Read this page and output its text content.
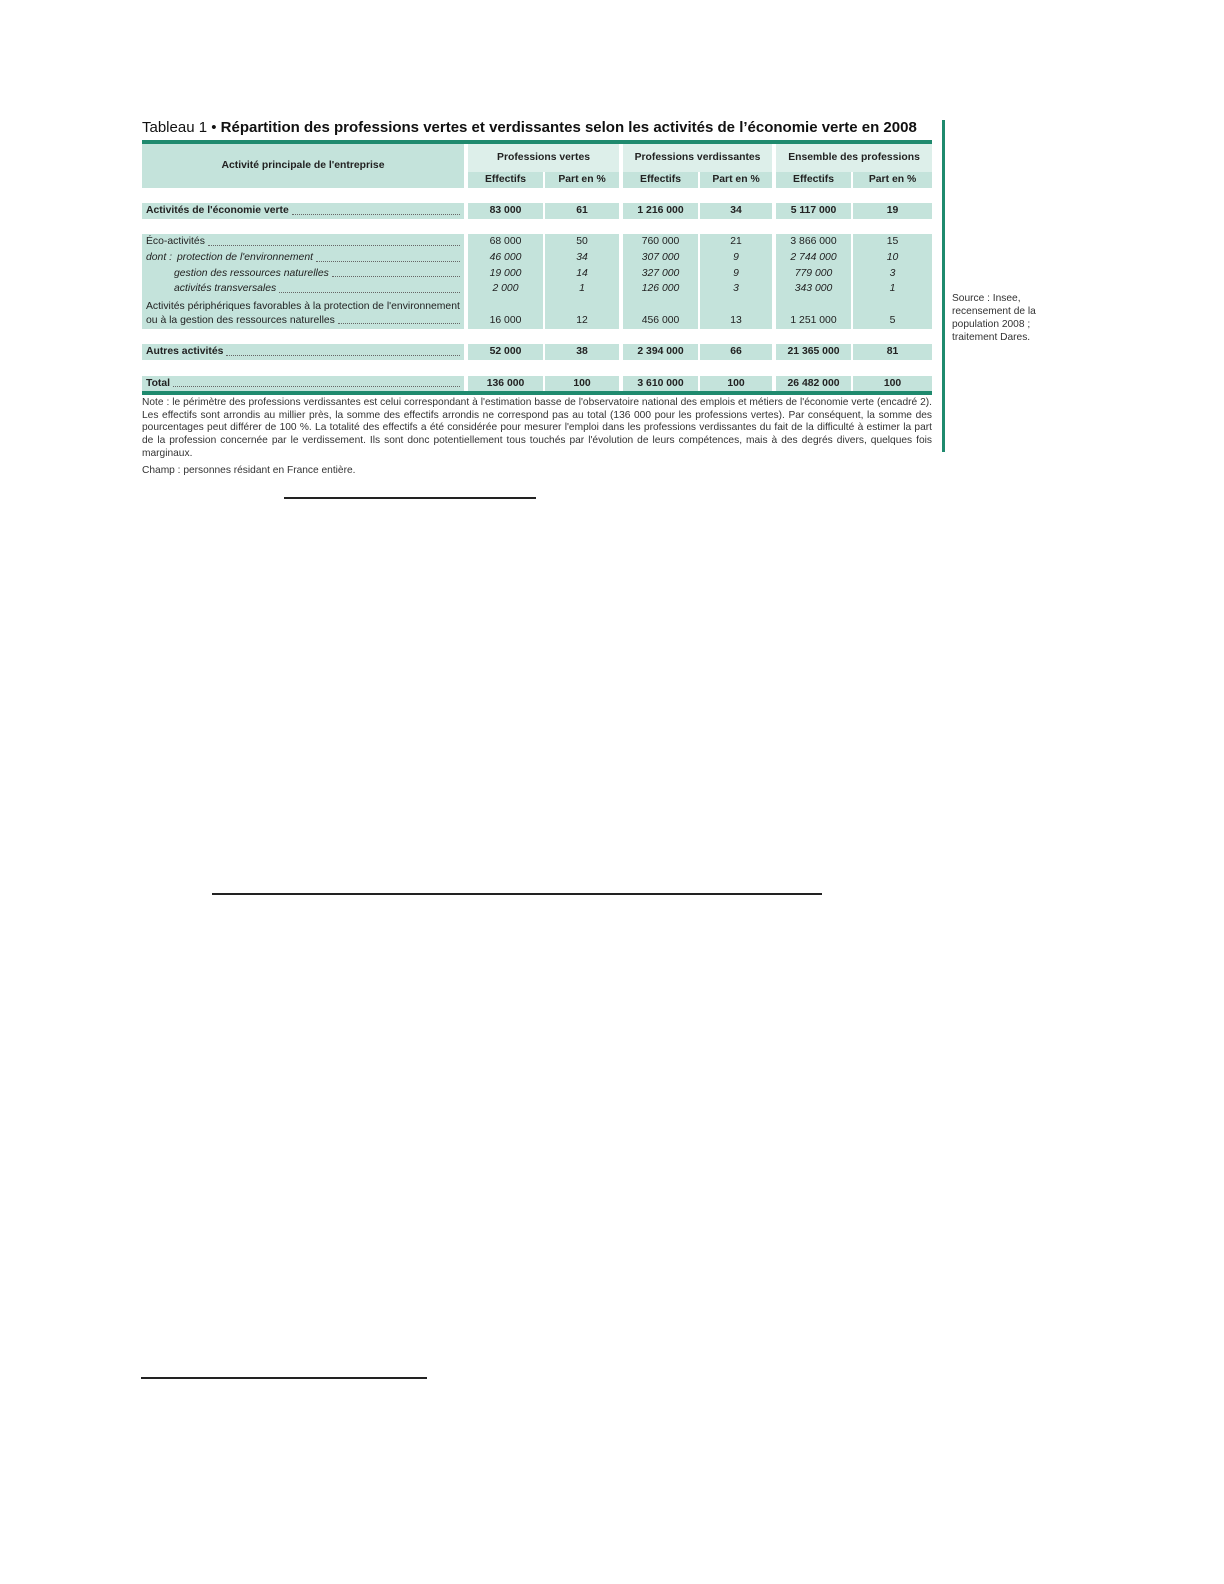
Tableau 1 • Répartition des professions vertes et verdissantes selon les activités de l’économie verte en 2008
Activité principale de l'entreprise	Professions vertes		Professions verdissantes		Ensemble des professions	
	Effectifs	Part en %	Effectifs	Part en %	Effectifs	Part en %

Activités de l'économie verte	83 000	61	1 216 000	34	5 117 000	19

Éco-activités	68 000	50	760 000	21	3 866 000	15

dont : protection de l'environnement	46 000	34	307 000	9	2 744 000	10

gestion des ressources naturelles	19 000	14	327 000	9	779 000	3

activités transversales	2 000	1	126 000	3	343 000	1

Activités périphériques favorables à la protection de l'environnement
ou à la gestion des ressources naturelles	16 000	12	456 000	13	1 251 000	5

Autres activités	52 000	38	2 394 000	66	21 365 000	81

Total	136 000	100	3 610 000	100	26 482 000	100

Note : le périmètre des professions verdissantes est celui correspondant à l'estimation basse de l'observatoire national des emplois et métiers de l'économie verte (encadré 2). Les effectifs sont arrondis au millier près, la somme des effectifs arrondis ne correspond pas au total (136 000 pour les professions vertes). Par conséquent, la somme des pourcentages peut différer de 100 %. La totalité des effectifs a été considérée pour mesurer l'emploi dans les professions verdissantes du fait de la difficulté à estimer la part de la profession concernée par le verdissement. Ils sont donc potentiellement tous touchés par l'évolution de leurs compétences, mais à des degrés divers, quelques fois marginaux.

Champ : personnes résidant en France entière.

Source : Insee, recensement de la population 2008 ; traitement Dares.
